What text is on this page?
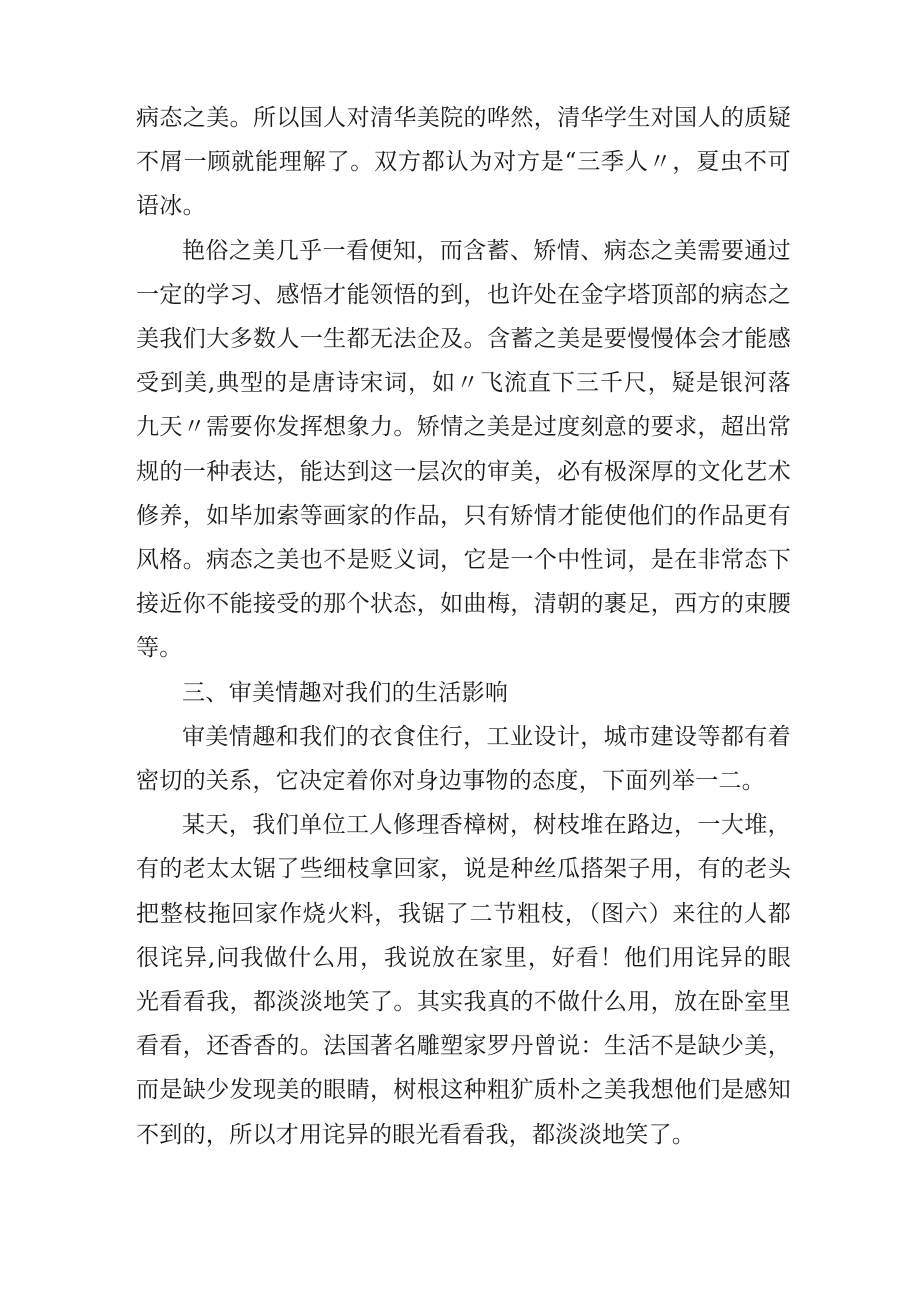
病态之美。所以国人对清华美院的哗然，清华学生对国人的质疑不屑一顾就能理解了。双方都认为对方是“三季人〃，夏虫不可语冰。

艳俗之美几乎一看便知，而含蓄、矫情、病态之美需要通过一定的学习、感悟才能领悟的到，也许处在金字塔顶部的病态之美我们大多数人一生都无法企及。含蓄之美是要慢慢体会才能感受到美,典型的是唐诗宋词，如〃飞流直下三千尺，疑是银河落九天〃需要你发挥想象力。矫情之美是过度刻意的要求，超出常规的一种表达，能达到这一层次的审美，必有极深厚的文化艺术修养，如毕加索等画家的作品，只有矫情才能使他们的作品更有风格。病态之美也不是贬义词，它是一个中性词，是在非常态下接近你不能接受的那个状态，如曲梅，清朝的裹足，西方的束腰等。

三、审美情趣对我们的生活影响

审美情趣和我们的衣食住行，工业设计，城市建设等都有着密切的关系，它决定着你对身边事物的态度，下面列举一二。

某天，我们单位工人修理香樟树，树枝堆在路边，一大堆，有的老太太锯了些细枝拿回家，说是种丝瓜搭架子用，有的老头把整枝拖回家作烧火料，我锯了二节粗枝，（图六）来往的人都很诧异,问我做什么用，我说放在家里，好看！他们用诧异的眼光看看我，都淡淡地笑了。其实我真的不做什么用，放在卧室里看看，还香香的。法国著名雕塑家罗丹曾说：生活不是缺少美，而是缺少发现美的眼睛，树根这种粗犷质朴之美我想他们是感知不到的，所以才用诧异的眼光看看我，都淡淡地笑了。
